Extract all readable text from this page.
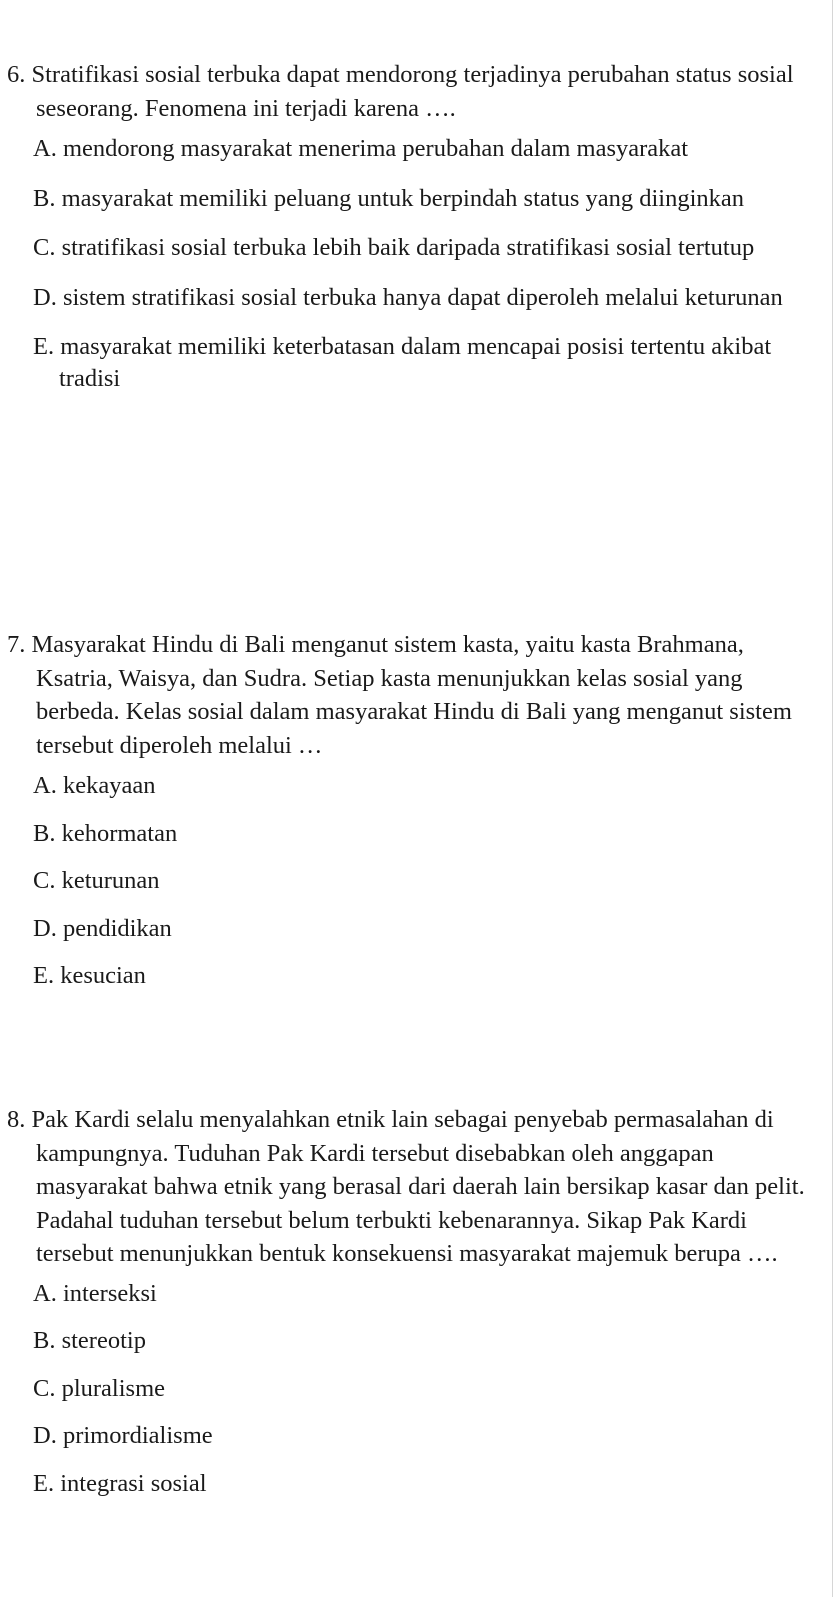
6. Stratifikasi sosial terbuka dapat mendorong terjadinya perubahan status sosial seseorang. Fenomena ini terjadi karena ….

A. mendorong masyarakat menerima perubahan dalam masyarakat

B. masyarakat memiliki peluang untuk berpindah status yang diinginkan

C. stratifikasi sosial terbuka lebih baik daripada stratifikasi sosial tertutup

D. sistem stratifikasi sosial terbuka hanya dapat diperoleh melalui keturunan

E. masyarakat memiliki keterbatasan dalam mencapai posisi tertentu akibat tradisi

7. Masyarakat Hindu di Bali menganut sistem kasta, yaitu kasta Brahmana, Ksatria, Waisya, dan Sudra. Setiap kasta menunjukkan kelas sosial yang berbeda. Kelas sosial dalam masyarakat Hindu di Bali yang menganut sistem tersebut diperoleh melalui …

A. kekayaan

B. kehormatan

C. keturunan

D. pendidikan

E. kesucian

8. Pak Kardi selalu menyalahkan etnik lain sebagai penyebab permasalahan di kampungnya. Tuduhan Pak Kardi tersebut disebabkan oleh anggapan masyarakat bahwa etnik yang berasal dari daerah lain bersikap kasar dan pelit. Padahal tuduhan tersebut belum terbukti kebenarannya. Sikap Pak Kardi tersebut menunjukkan bentuk konsekuensi masyarakat majemuk berupa ….

A. interseksi

B. stereotip

C. pluralisme

D. primordialisme

E. integrasi sosial
